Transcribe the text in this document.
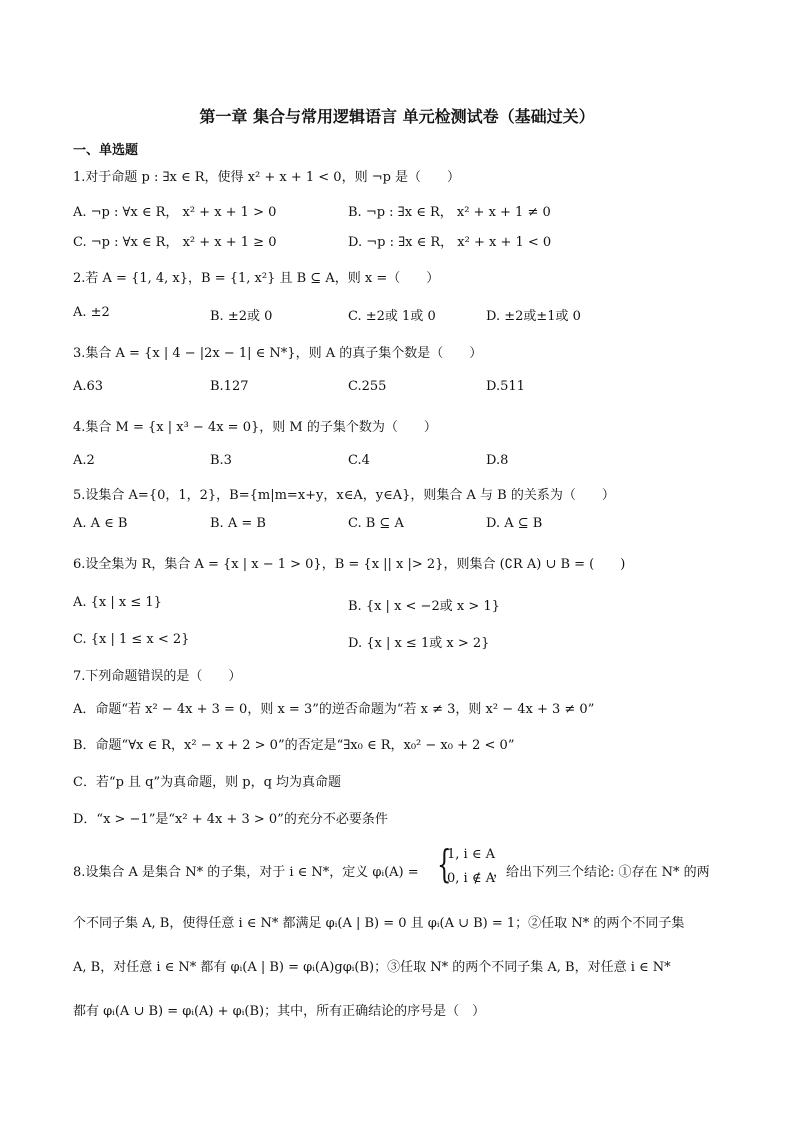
第一章 集合与常用逻辑语言 单元检测试卷（基础过关）
一、单选题
1.对于命题 p : ∃x ∈ R，使得 x² + x + 1 < 0，则 ¬p 是（　　）
A. ¬p : ∀x ∈ R， x² + x + 1 > 0	B. ¬p : ∃x ∈ R， x² + x + 1 ≠ 0
C. ¬p : ∀x ∈ R， x² + x + 1 ≥ 0	D. ¬p : ∃x ∈ R， x² + x + 1 < 0
2.若 A = {1, 4, x}，B = {1, x²} 且 B ⊆ A，则 x =（　　）
A. ±2	B. ±2或 0	C. ±2或 1或 0	D. ±2或±1或 0
3.集合 A = {x | 4 − |2x − 1| ∈ N*}，则 A 的真子集个数是（　　）
A.63	B.127	C.255	D.511
4.集合 M = {x | x³ − 4x = 0}，则 M 的子集个数为（　　）
A.2	B.3	C.4	D.8
5.设集合 A={0，1，2}，B={m|m=x+y，x∈A，y∈A}，则集合 A 与 B 的关系为（　　）
A. A ∈ B	B. A = B	C. B ⊆ A	D. A ⊆ B
6.设全集为 R，集合 A = {x | x − 1 > 0}，B = {x || x |> 2}，则集合 (∁R A) ∪ B = (　　)
A. {x | x ≤ 1}	B. {x | x < −2或 x > 1}
C. {x | 1 ≤ x < 2}	D. {x | x ≤ 1或 x > 2}
7.下列命题错误的是（　　）
A．命题“若 x² − 4x + 3 = 0，则 x = 3”的逆否命题为“若 x ≠ 3，则 x² − 4x + 3 ≠ 0”
B．命题“∀x ∈ R，x² − x + 2 > 0”的否定是“∃x₀ ∈ R，x₀² − x₀ + 2 < 0”
C．若“p 且 q”为真命题，则 p，q 均为真命题
D．“x > −1”是“x² + 4x + 3 > 0”的充分不必要条件
8.设集合 A 是集合 N* 的子集，对于 i ∈ N*，定义 φᵢ(A) = {
1, i ∈ A
0, i ∉ A
，给出下列三个结论: ①存在 N* 的两
个不同子集 A, B，使得任意 i ∈ N* 都满足 φᵢ(A | B) = 0 且 φᵢ(A ∪ B) = 1；②任取 N* 的两个不同子集
A, B，对任意 i ∈ N* 都有 φᵢ(A | B) = φᵢ(A)gφᵢ(B)；③任取 N* 的两个不同子集 A, B，对任意 i ∈ N*
都有 φᵢ(A ∪ B) = φᵢ(A) + φᵢ(B)；其中，所有正确结论的序号是（　）
